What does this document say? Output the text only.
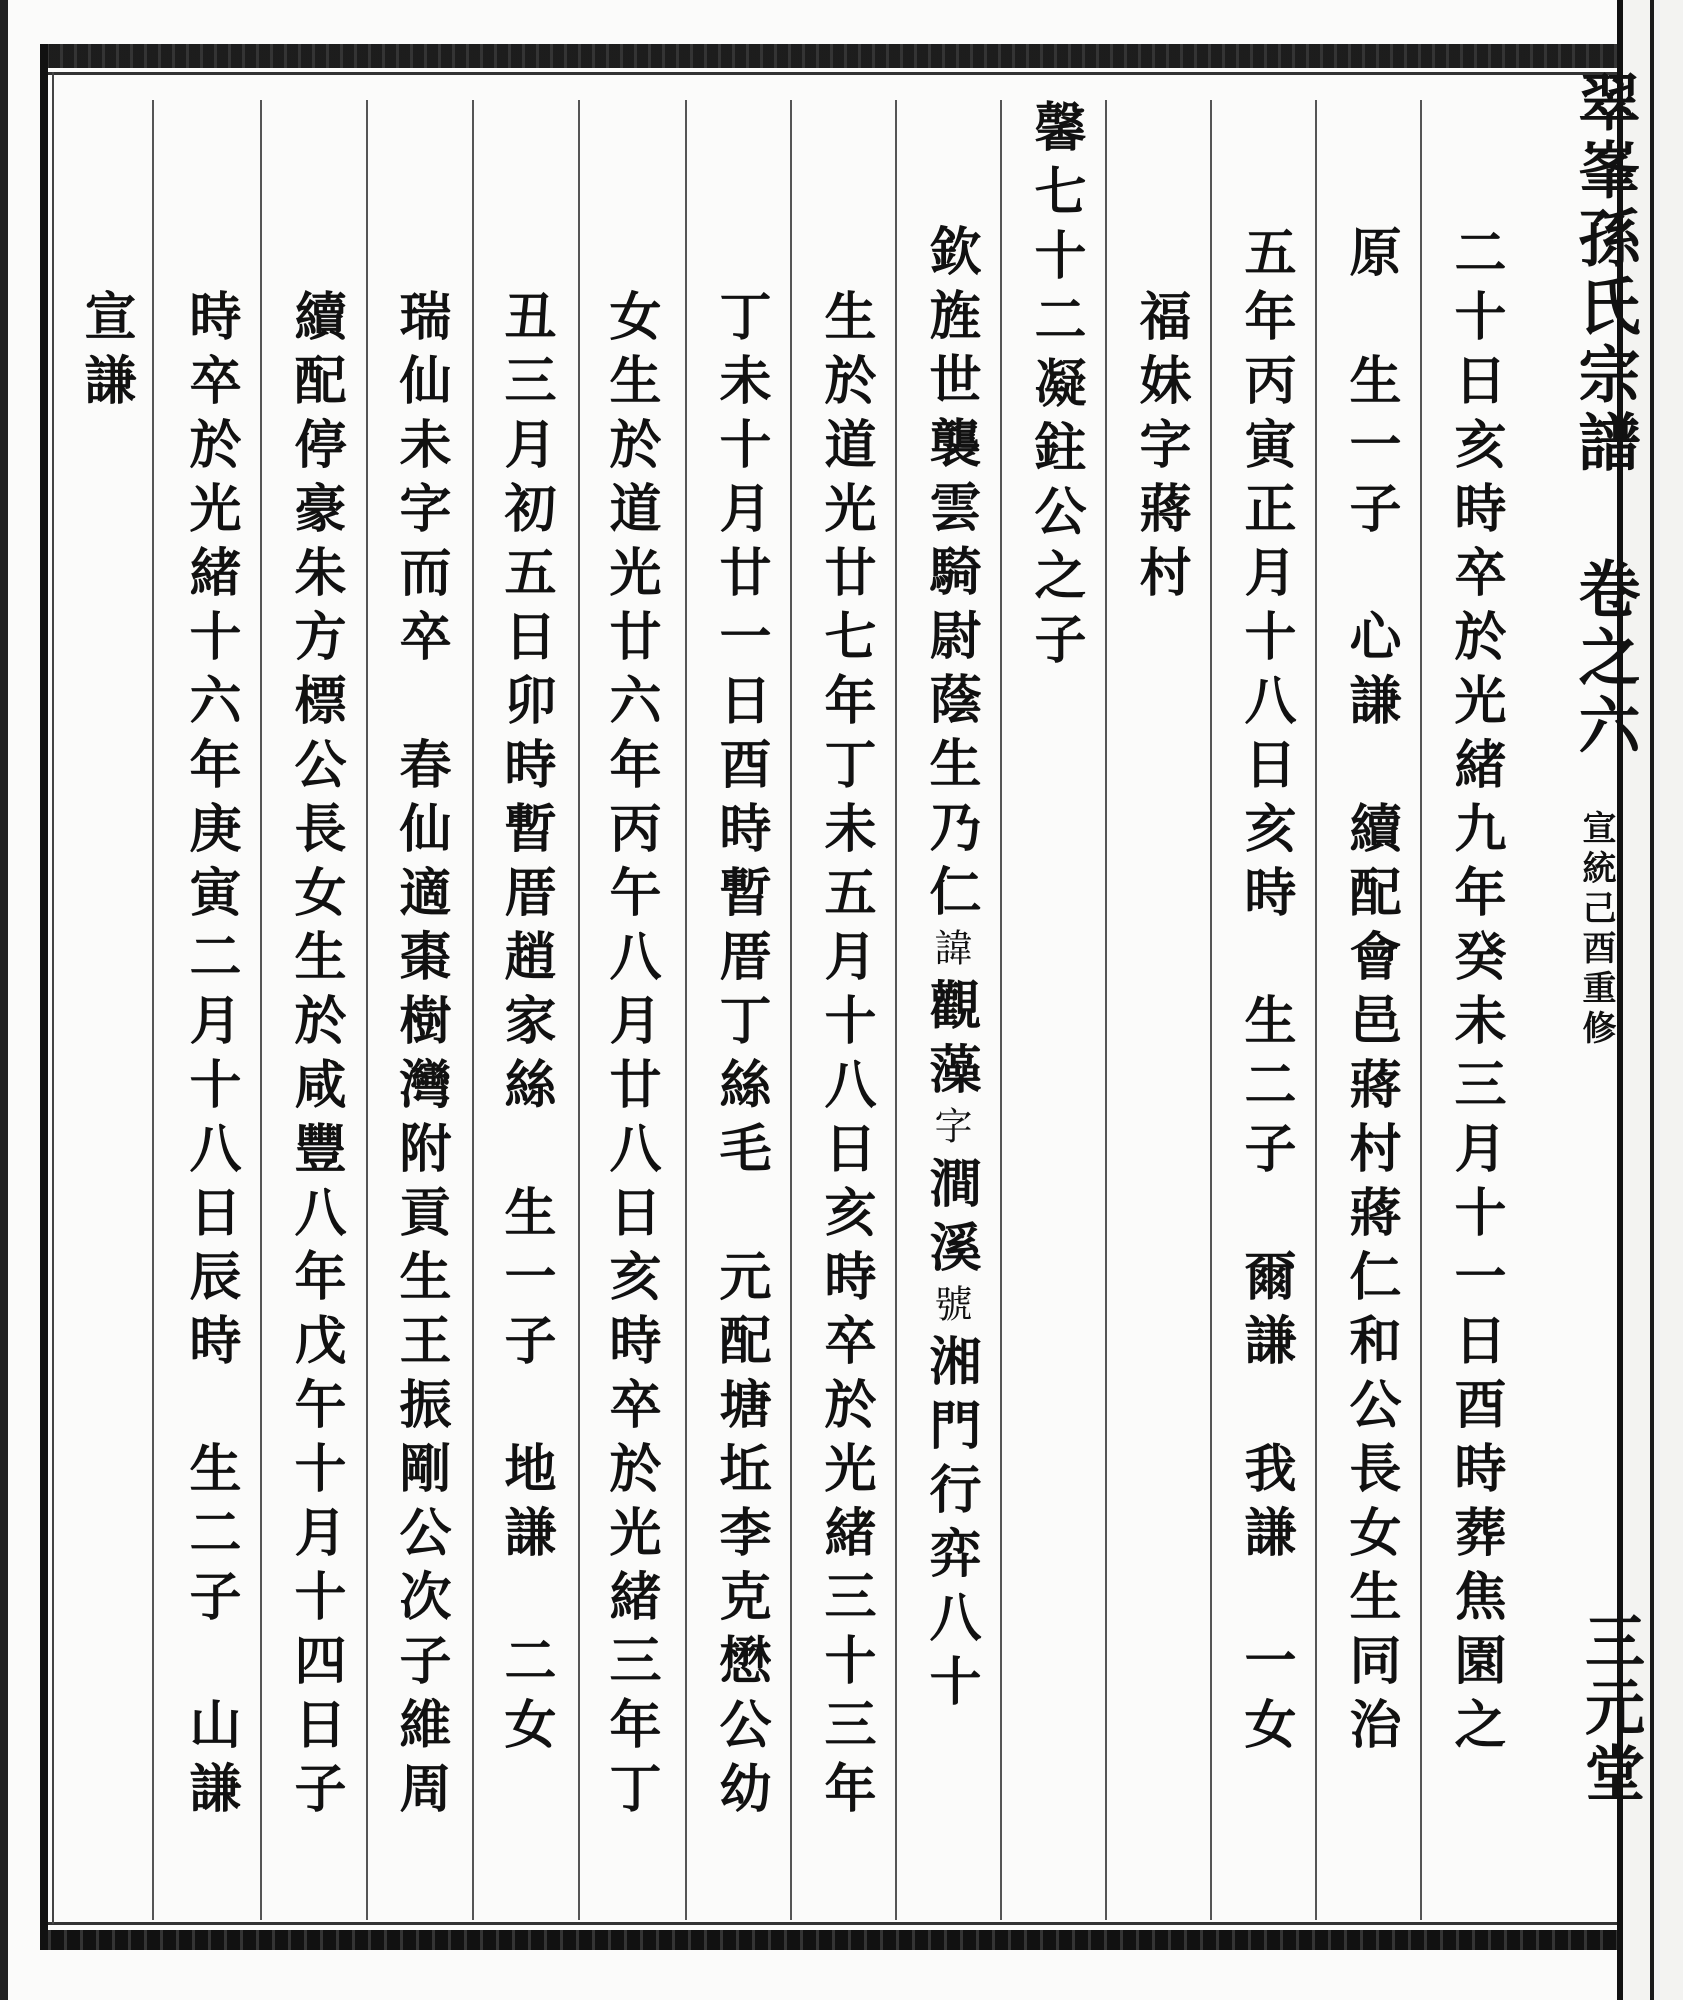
翠峯孫氏宗譜 卷之六
宣統己酉重修
三元堂
二十日亥時卒於光緒九年癸未三月十一日酉時葬焦園之
原　生一子　心謙　續配會邑蔣村蔣仁和公長女生同治
五年丙寅正月十八日亥時　生二子　爾謙　我謙　一女
　福妹字蔣村
馨七十二凝鉒公之子
　欽旌世襲雲騎尉蔭生乃仁諱觀藻字澗溪號湘門行弈八十
　生於道光廿七年丁未五月十八日亥時卒於光緒三十三年
　丁未十月廿一日酉時暫厝丁絲毛　元配塘坵李克懋公幼
　女生於道光廿六年丙午八月廿八日亥時卒於光緒三年丁
　丑三月初五日卯時暫厝趙家絲　生一子　地謙　二女
　瑞仙未字而卒　春仙適棗樹灣附貢生王振剛公次子維周
　續配停豪朱方標公長女生於咸豐八年戊午十月十四日子
　時卒於光緒十六年庚寅二月十八日辰時　生二子　山謙
　宣謙
